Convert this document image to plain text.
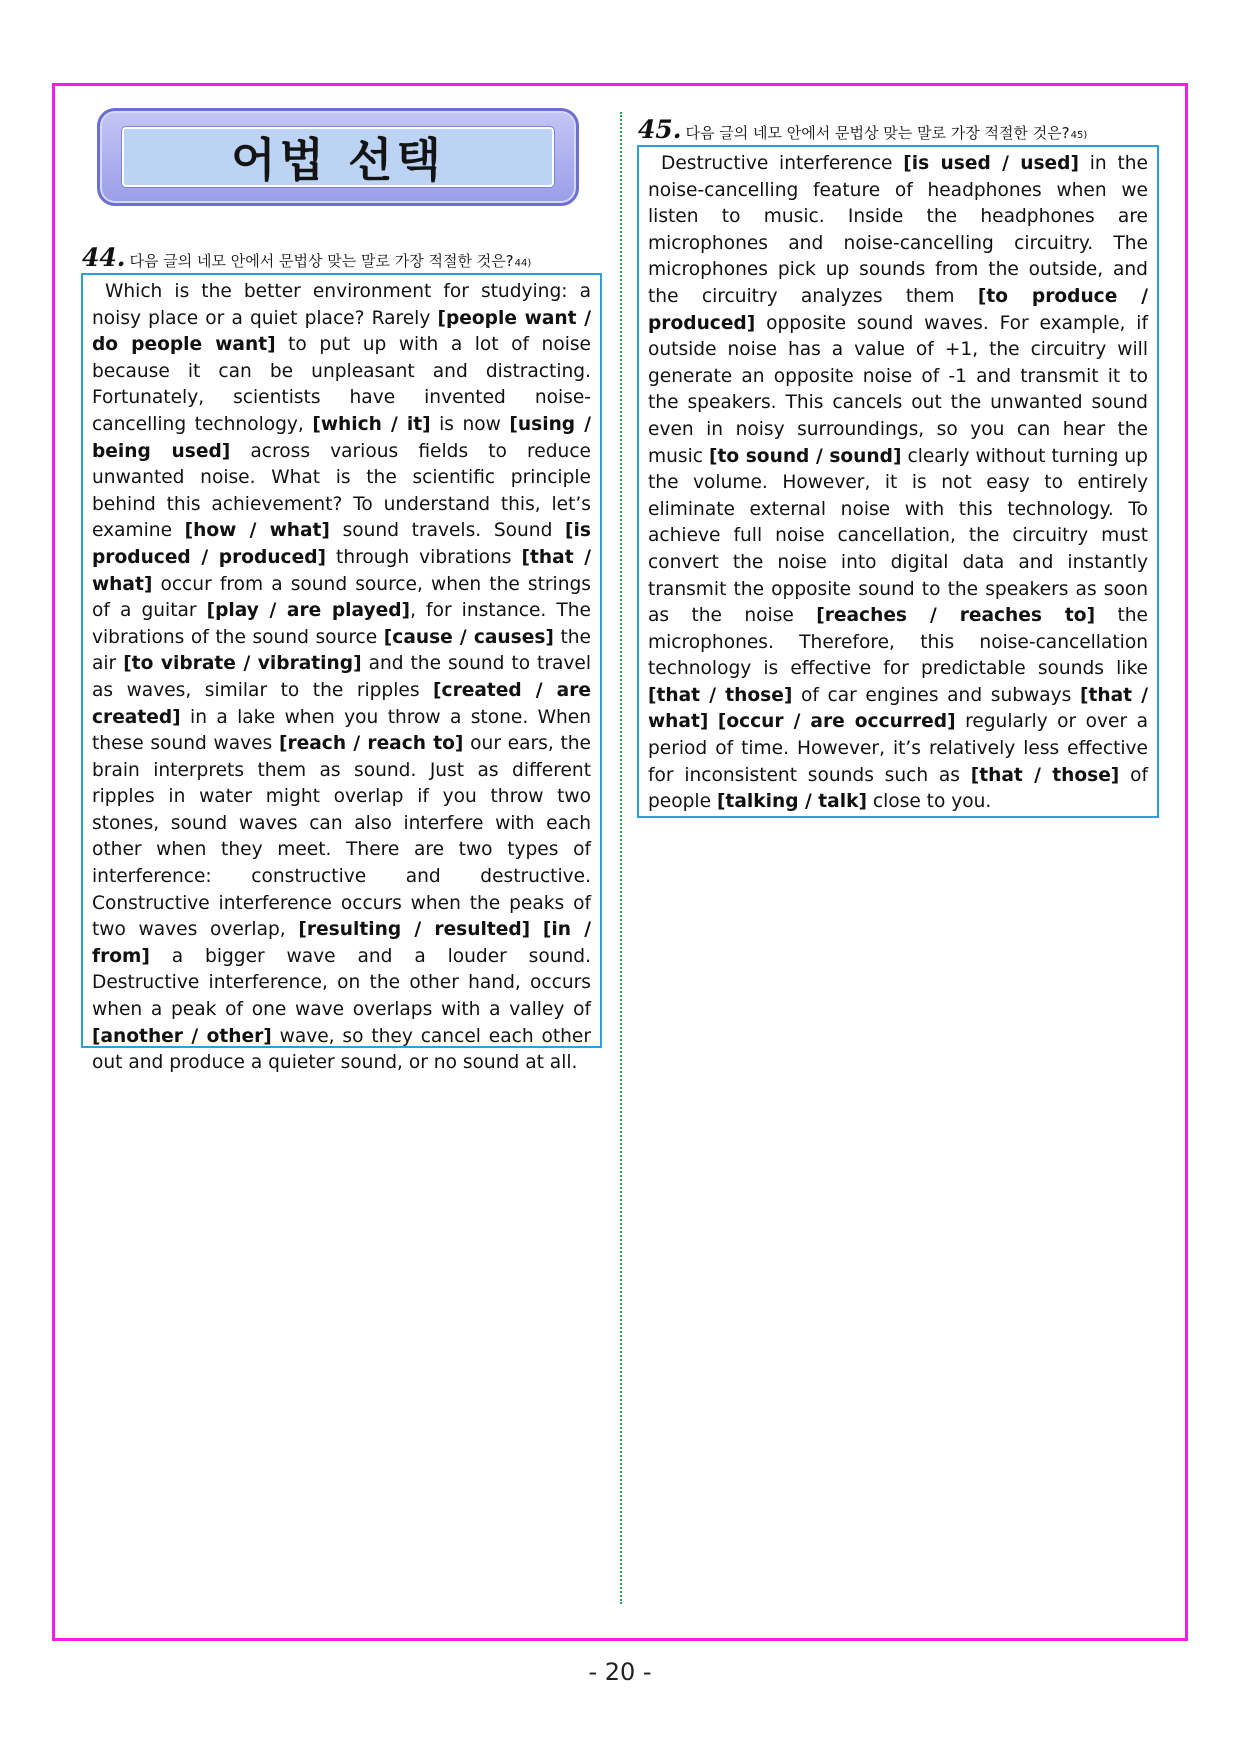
어법 선택
44. 다음 글의 네모 안에서 문법상 맞는 말로 가장 적절한 것은? 44)

Which is the better environment for studying: a noisy place or a quiet place? Rarely [people want / do people want] to put up with a lot of noise because it can be unpleasant and distracting. Fortunately, scientists have invented noise-cancelling technology, [which / it] is now [using / being used] across various fields to reduce unwanted noise. What is the scientific principle behind this achievement? To understand this, let’s examine [how / what] sound travels. Sound [is produced / produced] through vibrations [that / what] occur from a sound source, when the strings of a guitar [play / are played], for instance. The vibrations of the sound source [cause / causes] the air [to vibrate / vibrating] and the sound to travel as waves, similar to the ripples [created / are created] in a lake when you throw a stone. When these sound waves [reach / reach to] our ears, the brain interprets them as sound. Just as different ripples in water might overlap if you throw two stones, sound waves can also interfere with each other when they meet. There are two types of interference: constructive and destructive. Constructive interference occurs when the peaks of two waves overlap, [resulting / resulted] [in / from] a bigger wave and a louder sound. Destructive interference, on the other hand, occurs when a peak of one wave overlaps with a valley of [another / other] wave, so they cancel each other out and produce a quieter sound, or no sound at all.

45. 다음 글의 네모 안에서 문법상 맞는 말로 가장 적절한 것은? 45)

Destructive interference [is used / used] in the noise-cancelling feature of headphones when we listen to music. Inside the headphones are microphones and noise-cancelling circuitry. The microphones pick up sounds from the outside, and the circuitry analyzes them [to produce / produced] opposite sound waves. For example, if outside noise has a value of +1, the circuitry will generate an opposite noise of -1 and transmit it to the speakers. This cancels out the unwanted sound even in noisy surroundings, so you can hear the music [to sound / sound] clearly without turning up the volume. However, it is not easy to entirely eliminate external noise with this technology. To achieve full noise cancellation, the circuitry must convert the noise into digital data and instantly transmit the opposite sound to the speakers as soon as the noise [reaches / reaches to] the microphones. Therefore, this noise-cancellation technology is effective for predictable sounds like [that / those] of car engines and subways [that / what] [occur / are occurred] regularly or over a period of time. However, it’s relatively less effective for inconsistent sounds such as [that / those] of people [talking / talk] close to you.

- 20 -
